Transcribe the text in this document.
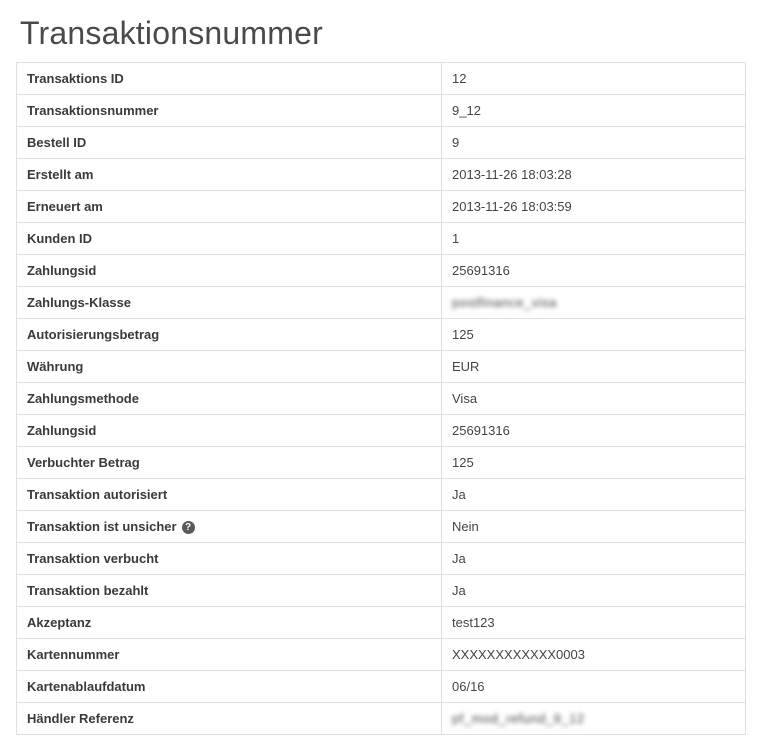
Transaktionsnummer
Transaktions ID	12
Transaktionsnummer	9_12
Bestell ID	9
Erstellt am	2013-11-26 18:03:28
Erneuert am	2013-11-26 18:03:59
Kunden ID	1
Zahlungsid	25691316
Zahlungs-Klasse	postfinance_visa
Autorisierungsbetrag	125
Währung	EUR
Zahlungsmethode	Visa
Zahlungsid	25691316
Verbuchter Betrag	125
Transaktion autorisiert	Ja
Transaktion ist unsicher ?	Nein
Transaktion verbucht	Ja
Transaktion bezahlt	Ja
Akzeptanz	test123
Kartennummer	XXXXXXXXXXXX0003
Kartenablaufdatum	06/16
Händler Referenz	pf_mod_refund_9_12
